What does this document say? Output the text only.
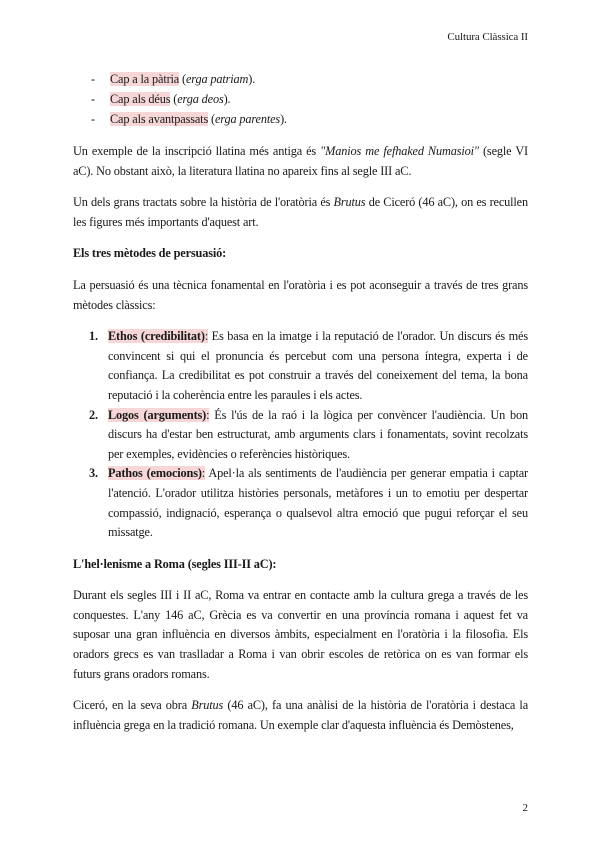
Cultura Clàssica II
- Cap a la pàtria (erga patriam).
- Cap als déus (erga deos).
- Cap als avantpassats (erga parentes).

Un exemple de la inscripció llatina més antiga és "Manios me fefhaked Numasioi" (segle VI aC). No obstant això, la literatura llatina no apareix fins al segle III aC.

Un dels grans tractats sobre la història de l'oratòria és Brutus de Ciceró (46 aC), on es recullen les figures més importants d'aquest art.

Els tres mètodes de persuasió:

La persuasió és una tècnica fonamental en l'oratòria i es pot aconseguir a través de tres grans mètodes clàssics:

1. Ethos (credibilitat): Es basa en la imatge i la reputació de l'orador. Un discurs és més convincent si qui el pronuncia és percebut com una persona íntegra, experta i de confiança. La credibilitat es pot construir a través del coneixement del tema, la bona reputació i la coherència entre les paraules i els actes.
2. Logos (arguments): És l'ús de la raó i la lògica per convèncer l'audiència. Un bon discurs ha d'estar ben estructurat, amb arguments clars i fonamentats, sovint recolzats per exemples, evidències o referències històriques.
3. Pathos (emocions): Apel·la als sentiments de l'audiència per generar empatia i captar l'atenció. L'orador utilitza històries personals, metàfores i un to emotiu per despertar compassió, indignació, esperança o qualsevol altra emoció que pugui reforçar el seu missatge.
L'hel·lenisme a Roma (segles III-II aC):

Durant els segles III i II aC, Roma va entrar en contacte amb la cultura grega a través de les conquestes. L'any 146 aC, Grècia es va convertir en una província romana i aquest fet va suposar una gran influència en diversos àmbits, especialment en l'oratòria i la filosofia. Els oradors grecs es van traslladar a Roma i van obrir escoles de retòrica on es van formar els futurs grans oradors romans.

Ciceró, en la seva obra Brutus (46 aC), fa una anàlisi de la història de l'oratòria i destaca la influència grega en la tradició romana. Un exemple clar d'aquesta influència és Demòstenes,

2
